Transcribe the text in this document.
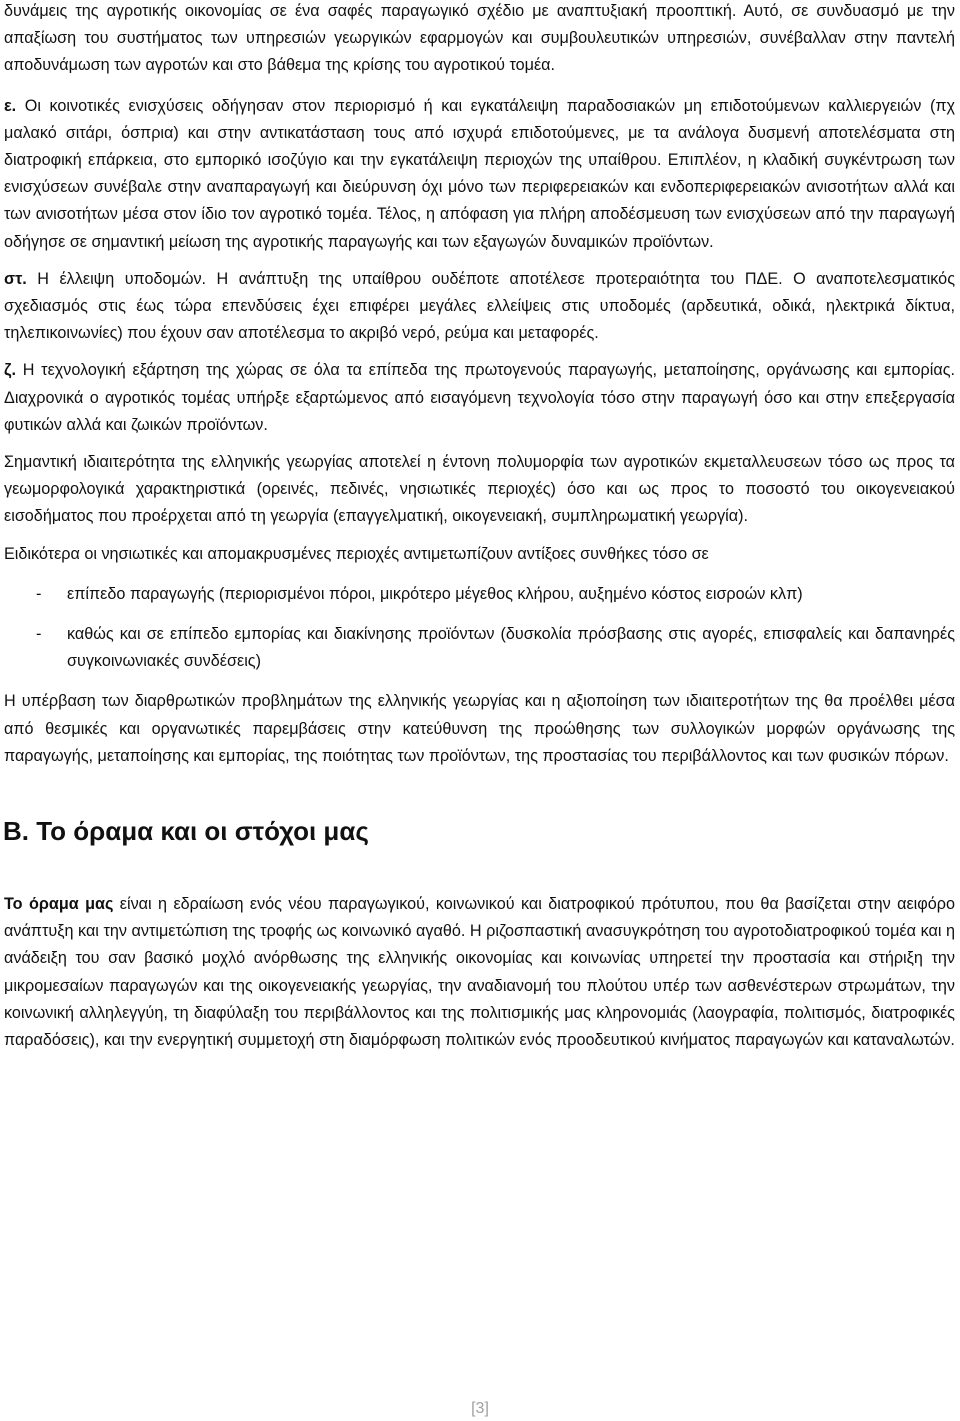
δυνάμεις της αγροτικής οικονομίας σε ένα σαφές παραγωγικό σχέδιο με αναπτυξιακή προοπτική. Αυτό, σε συνδυασμό με την απαξίωση του συστήματος των υπηρεσιών γεωργικών εφαρμογών και συμβουλευτικών υπηρεσιών, συνέβαλλαν στην παντελή αποδυνάμωση των αγροτών και στο βάθεμα της κρίσης του αγροτικού τομέα.

ε. Οι κοινοτικές ενισχύσεις οδήγησαν στον περιορισμό ή και εγκατάλειψη παραδοσιακών μη επιδοτούμενων καλλιεργειών (πχ μαλακό σιτάρι, όσπρια) και στην αντικατάσταση τους από ισχυρά επιδοτούμενες, με τα ανάλογα δυσμενή αποτελέσματα στη διατροφική επάρκεια, στο εμπορικό ισοζύγιο και την εγκατάλειψη περιοχών της υπαίθρου. Επιπλέον, η κλαδική συγκέντρωση των ενισχύσεων συνέβαλε στην αναπαραγωγή και διεύρυνση όχι μόνο των περιφερειακών και ενδοπεριφερειακών ανισοτήτων αλλά και των ανισοτήτων μέσα στον ίδιο τον αγροτικό τομέα. Τέλος, η απόφαση για πλήρη αποδέσμευση των ενισχύσεων από την παραγωγή οδήγησε σε σημαντική μείωση της αγροτικής παραγωγής και των εξαγωγών δυναμικών προϊόντων.

στ. Η έλλειψη υποδομών. Η ανάπτυξη της υπαίθρου ουδέποτε αποτέλεσε προτεραιότητα του ΠΔΕ. Ο αναποτελεσματικός σχεδιασμός στις έως τώρα επενδύσεις έχει επιφέρει μεγάλες ελλείψεις στις υποδομές (αρδευτικά, οδικά, ηλεκτρικά δίκτυα, τηλεπικοινωνίες) που έχουν σαν αποτέλεσμα το ακριβό νερό, ρεύμα και μεταφορές.

ζ. Η τεχνολογική εξάρτηση της χώρας σε όλα τα επίπεδα της πρωτογενούς παραγωγής, μεταποίησης, οργάνωσης και εμπορίας. Διαχρονικά ο αγροτικός τομέας υπήρξε εξαρτώμενος από εισαγόμενη τεχνολογία τόσο στην παραγωγή όσο και στην επεξεργασία φυτικών αλλά και ζωικών προϊόντων.

Σημαντική ιδιαιτερότητα της ελληνικής γεωργίας αποτελεί η έντονη πολυμορφία των αγροτικών εκμεταλλευσεων τόσο ως προς τα γεωμορφολογικά χαρακτηριστικά (ορεινές, πεδινές, νησιωτικές περιοχές) όσο και ως προς το ποσοστό του οικογενειακού εισοδήματος που προέρχεται από τη γεωργία (επαγγελματική, οικογενειακή, συμπληρωματική γεωργία).

Ειδικότερα οι νησιωτικές και απομακρυσμένες περιοχές αντιμετωπίζουν αντίξοες συνθήκες τόσο σε

- επίπεδο παραγωγής (περιορισμένοι πόροι, μικρότερο μέγεθος κλήρου, αυξημένο κόστος εισροών κλπ)

- καθώς και σε επίπεδο εμπορίας και διακίνησης προϊόντων (δυσκολία πρόσβασης στις αγορές, επισφαλείς και δαπανηρές συγκοινωνιακές συνδέσεις)

Η υπέρβαση των διαρθρωτικών προβλημάτων της ελληνικής γεωργίας και η αξιοποίηση των ιδιαιτεροτήτων της θα προέλθει μέσα από θεσμικές και οργανωτικές παρεμβάσεις στην κατεύθυνση της προώθησης των συλλογικών μορφών οργάνωσης της παραγωγής, μεταποίησης και εμπορίας, της ποιότητας των προϊόντων, της προστασίας του περιβάλλοντος και των φυσικών πόρων.

Β. Το όραμα και οι στόχοι μας

Το όραμα μας είναι η εδραίωση ενός νέου παραγωγικού, κοινωνικού και διατροφικού πρότυπου, που θα βασίζεται στην αειφόρο ανάπτυξη και την αντιμετώπιση της τροφής ως κοινωνικό αγαθό. Η ριζοσπαστική ανασυγκρότηση του αγροτοδιατροφικού τομέα και η ανάδειξη του σαν βασικό μοχλό ανόρθωσης της ελληνικής οικονομίας και κοινωνίας υπηρετεί την προστασία και στήριξη την μικρομεσαίων παραγωγών και της οικογενειακής γεωργίας, την αναδιανομή του πλούτου υπέρ των ασθενέστερων στρωμάτων, την κοινωνική αλληλεγγύη, τη διαφύλαξη του περιβάλλοντος και της πολιτισμικής μας κληρονομιάς (λαογραφία, πολιτισμός, διατροφικές παραδόσεις), και την ενεργητική συμμετοχή στη διαμόρφωση πολιτικών ενός προοδευτικού κινήματος παραγωγών και καταναλωτών.

[3]
